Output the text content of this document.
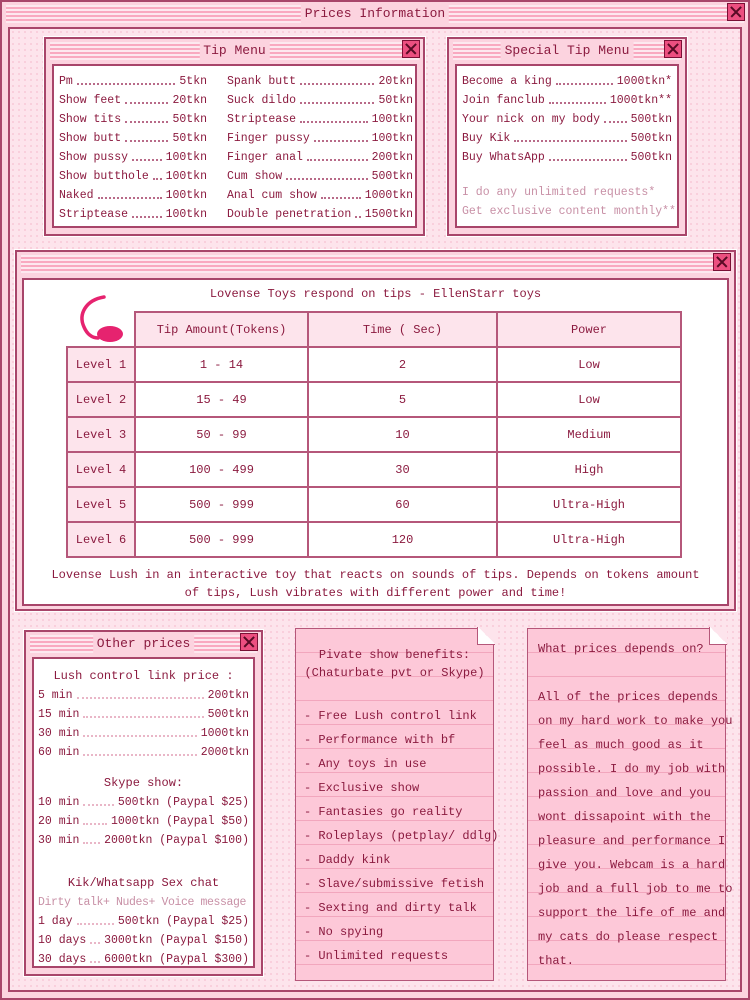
Prices Information
Tip Menu
Pm	5tkn
Show feet	20tkn
Show tits	50tkn
Show butt	50tkn
Show pussy	100tkn
Show butthole 100tkn
Naked	100tkn
Striptease	100tkn
Spank butt	20tkn
Suck dildo	50tkn
Striptease	100tkn
Finger pussy	100tkn
Finger anal	200tkn
Cum show	500tkn
Anal cum show	1000tkn
Double penetration 1500tkn
Special Tip Menu
Become a king	1000tkn*
Join fanclub	1000tkn**
Your nick on my body	500tkn
Buy Kik	500tkn
Buy WhatsApp	500tkn
I do any unlimited requests*
Get exclusive content monthly**
Lovense Toys respond on tips - EllenStarr toys
	Tip Amount(Tokens)	Time ( Sec)	Power
Level 1	1 - 14	2	Low
Level 2	15 - 49	5	Low
Level 3	50 - 99	10	Medium
Level 4	100 - 499	30	High
Level 5	500 - 999	60	Ultra-High
Level 6	500 - 999	120	Ultra-High
Lovense Lush in an interactive toy that reacts on sounds of tips. Depends on tokens amount
of tips, Lush vibrates with different power and time!
Other prices
Lush control link price :
5 min	200tkn
15 min	500tkn
30 min	1000tkn
60 min	2000tkn
Skype show:
10 min	500tkn (Paypal $25)
20 min	1000tkn (Paypal $50)
30 min 2000tkn (Paypal $100)
Kik/Whatsapp Sex chat
Dirty talk+ Nudes+ Voice message
1 day	500tkn (Paypal $25)
10 days 3000tkn (Paypal $150)
30 days 6000tkn (Paypal $300)
Pivate show benefits:
(Chaturbate pvt or Skype)
- Free Lush control link
- Performance with bf
- Any toys in use
- Exclusive show
- Fantasies go reality
- Roleplays (petplay/ ddlg)
- Daddy kink
- Slave/submissive fetish
- Sexting and dirty talk
- No spying
- Unlimited requests
What prices depends on?
All of the prices depends
on my hard work to make you
feel as much good as it
possible. I do my job with
passion and love and you
wont dissapoint with the
pleasure and performance I
give you. Webcam is a hard
job and a full job to me to
support the life of me and
my cats do please respect
that.
